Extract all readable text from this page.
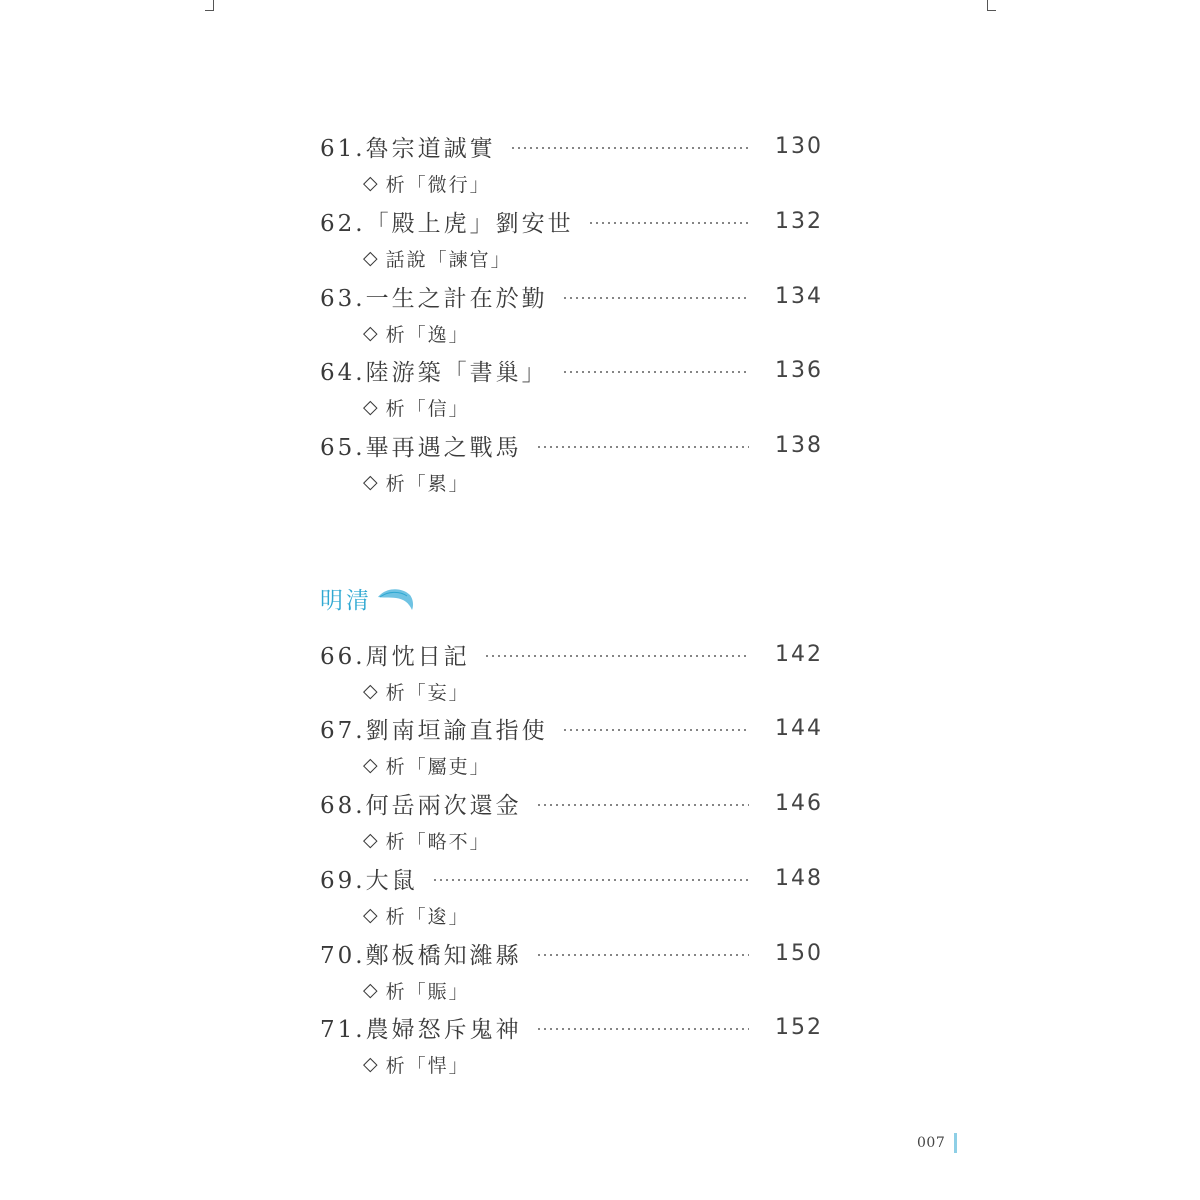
61.魯宗道誠實	130
◇ 析「微行」
62.「殿上虎」劉安世	132
◇ 話說「諫官」
63.一生之計在於勤	134
◇ 析「逸」
64.陸游築「書巢」	136
◇ 析「信」
65.畢再遇之戰馬	138
◇ 析「累」
明清
66.周忱日記	142
◇ 析「妄」
67.劉南垣諭直指使	144
◇ 析「屬吏」
68.何岳兩次還金	146
◇ 析「略不」
69.大鼠	148
◇ 析「逡」
70.鄭板橋知濰縣	150
◇ 析「賑」
71.農婦怒斥鬼神	152
◇ 析「悍」
007
